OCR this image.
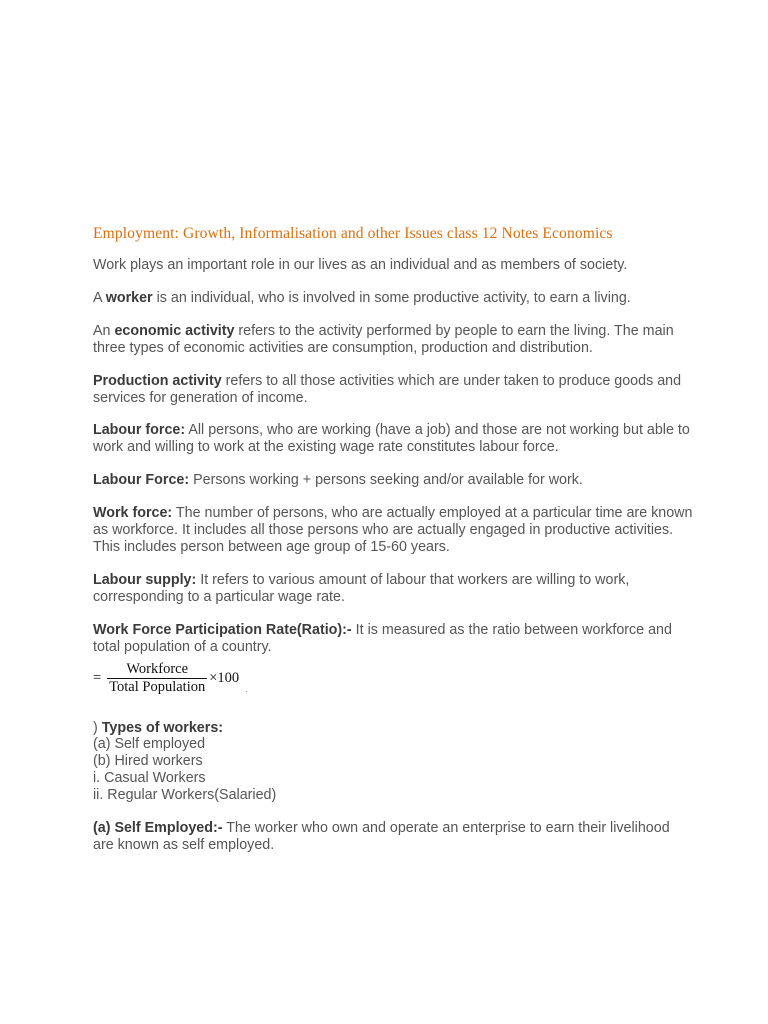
Employment: Growth, Informalisation and other Issues class 12 Notes Economics

Work plays an important role in our lives as an individual and as members of society.

A worker is an individual, who is involved in some productive activity, to earn a living.

An economic activity refers to the activity performed by people to earn the living. The main three types of economic activities are consumption, production and distribution.

Production activity refers to all those activities which are under taken to produce goods and services for generation of income.

Labour force: All persons, who are working (have a job) and those are not working but able to work and willing to work at the existing wage rate constitutes labour force.

Labour Force: Persons working + persons seeking and/or available for work.

Work force: The number of persons, who are actually employed at a particular time are known as workforce. It includes all those persons who are actually engaged in productive activities. This includes person between age group of 15-60 years.

Labour supply: It refers to various amount of labour that workers are willing to work, corresponding to a particular wage rate.

Work Force Participation Rate(Ratio):- It is measured as the ratio between workforce and total population of a country.

= $\frac{\text{Workforce}}{\text{Total Population}} \times 100$
.

) Types of workers:

(a) Self employed

(b) Hired workers

i. Casual Workers

ii. Regular Workers(Salaried)

(a) Self Employed:- The worker who own and operate an enterprise to earn their livelihood are known as self employed.
